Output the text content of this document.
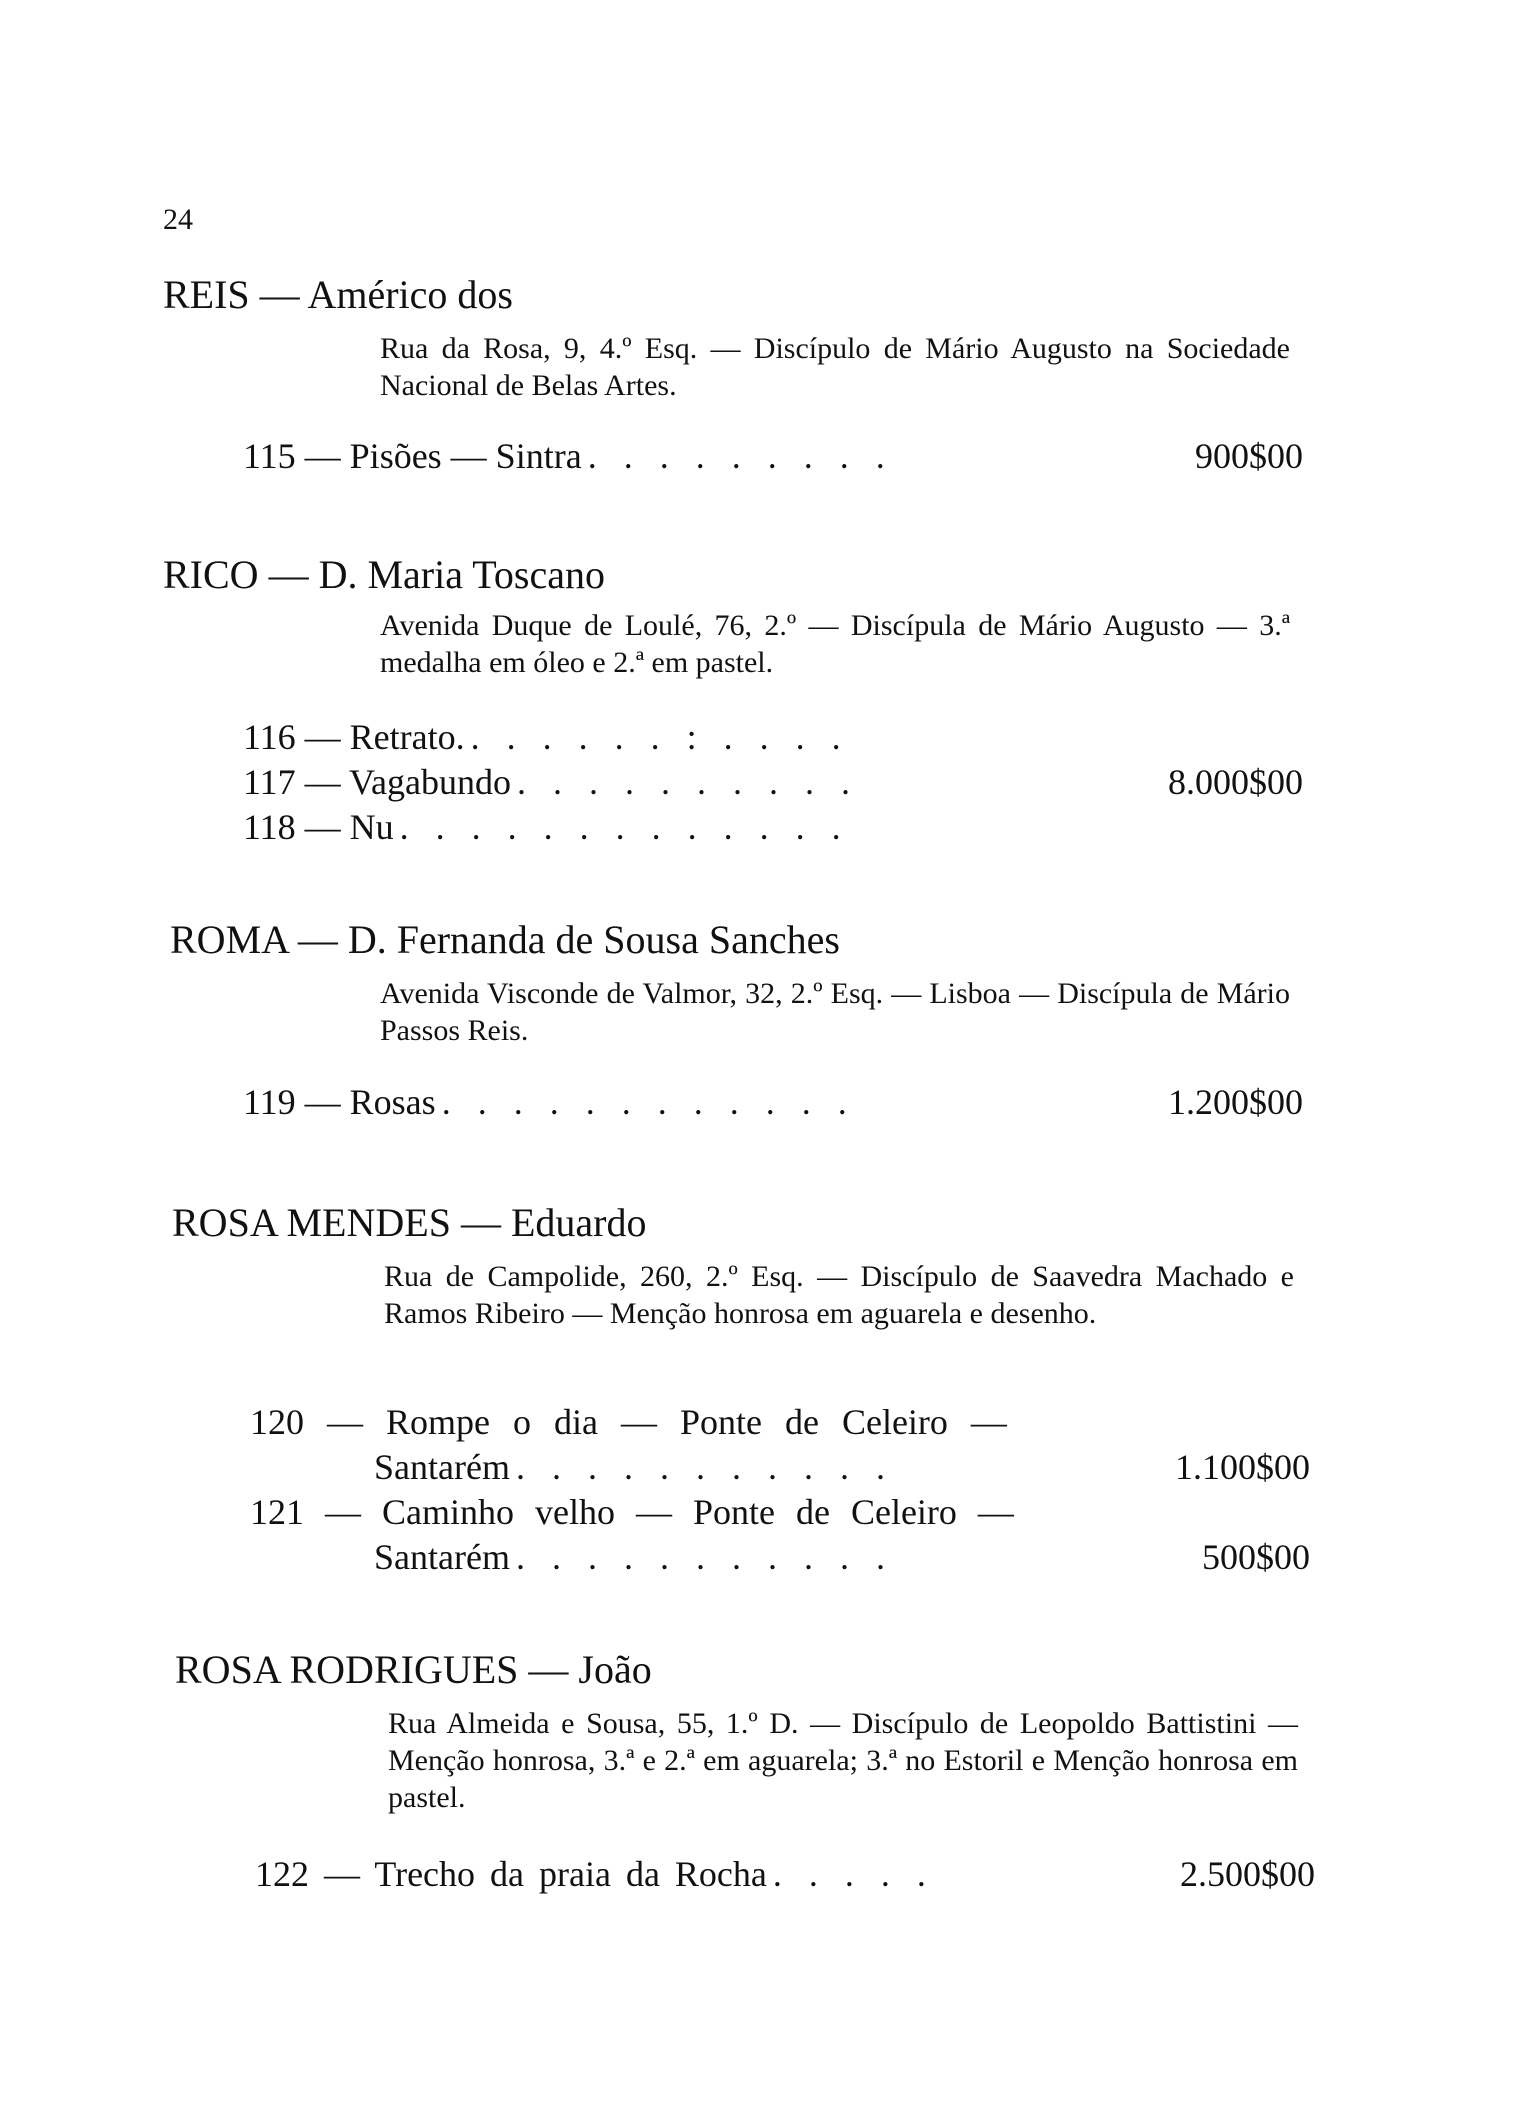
24
REIS — Américo dos
Rua da Rosa, 9, 4.º Esq. — Discípulo de Mário Augusto na Sociedade Nacional de Belas Artes.
115 — Pisões — Sintra . . . . . . . . .	900$00
RICO — D. Maria Toscano
Avenida Duque de Loulé, 76, 2.º — Discípula de Mário Augusto — 3.ª medalha em óleo e 2.ª em pastel.
116 — Retrato. . . . . . . : . . . .
117 — Vagabundo . . . . . . . . . .	8.000$00
118 — Nu . . . . . . . . . . . . .
ROMA — D. Fernanda de Sousa Sanches
Avenida Visconde de Valmor, 32, 2.º Esq. — Lisboa — Discípula de Mário Passos Reis.
119 — Rosas . . . . . . . . . . . .	1.200$00
ROSA MENDES — Eduardo
Rua de Campolide, 260, 2.º Esq. — Discípulo de Saavedra Machado e Ramos Ribeiro — Menção honrosa em aguarela e desenho.
120 — Rompe o dia — Ponte de Celeiro —
Santarém . . . . . . . . . . .	1.100$00
121 — Caminho velho — Ponte de Celeiro —
Santarém . . . . . . . . . . .	500$00
ROSA RODRIGUES — João
Rua Almeida e Sousa, 55, 1.º D. — Discípulo de Leopoldo Battistini — Menção honrosa, 3.ª e 2.ª em aguarela; 3.ª no Estoril e Menção honrosa em pastel.
122 — Trecho da praia da Rocha . . . . .	2.500$00
